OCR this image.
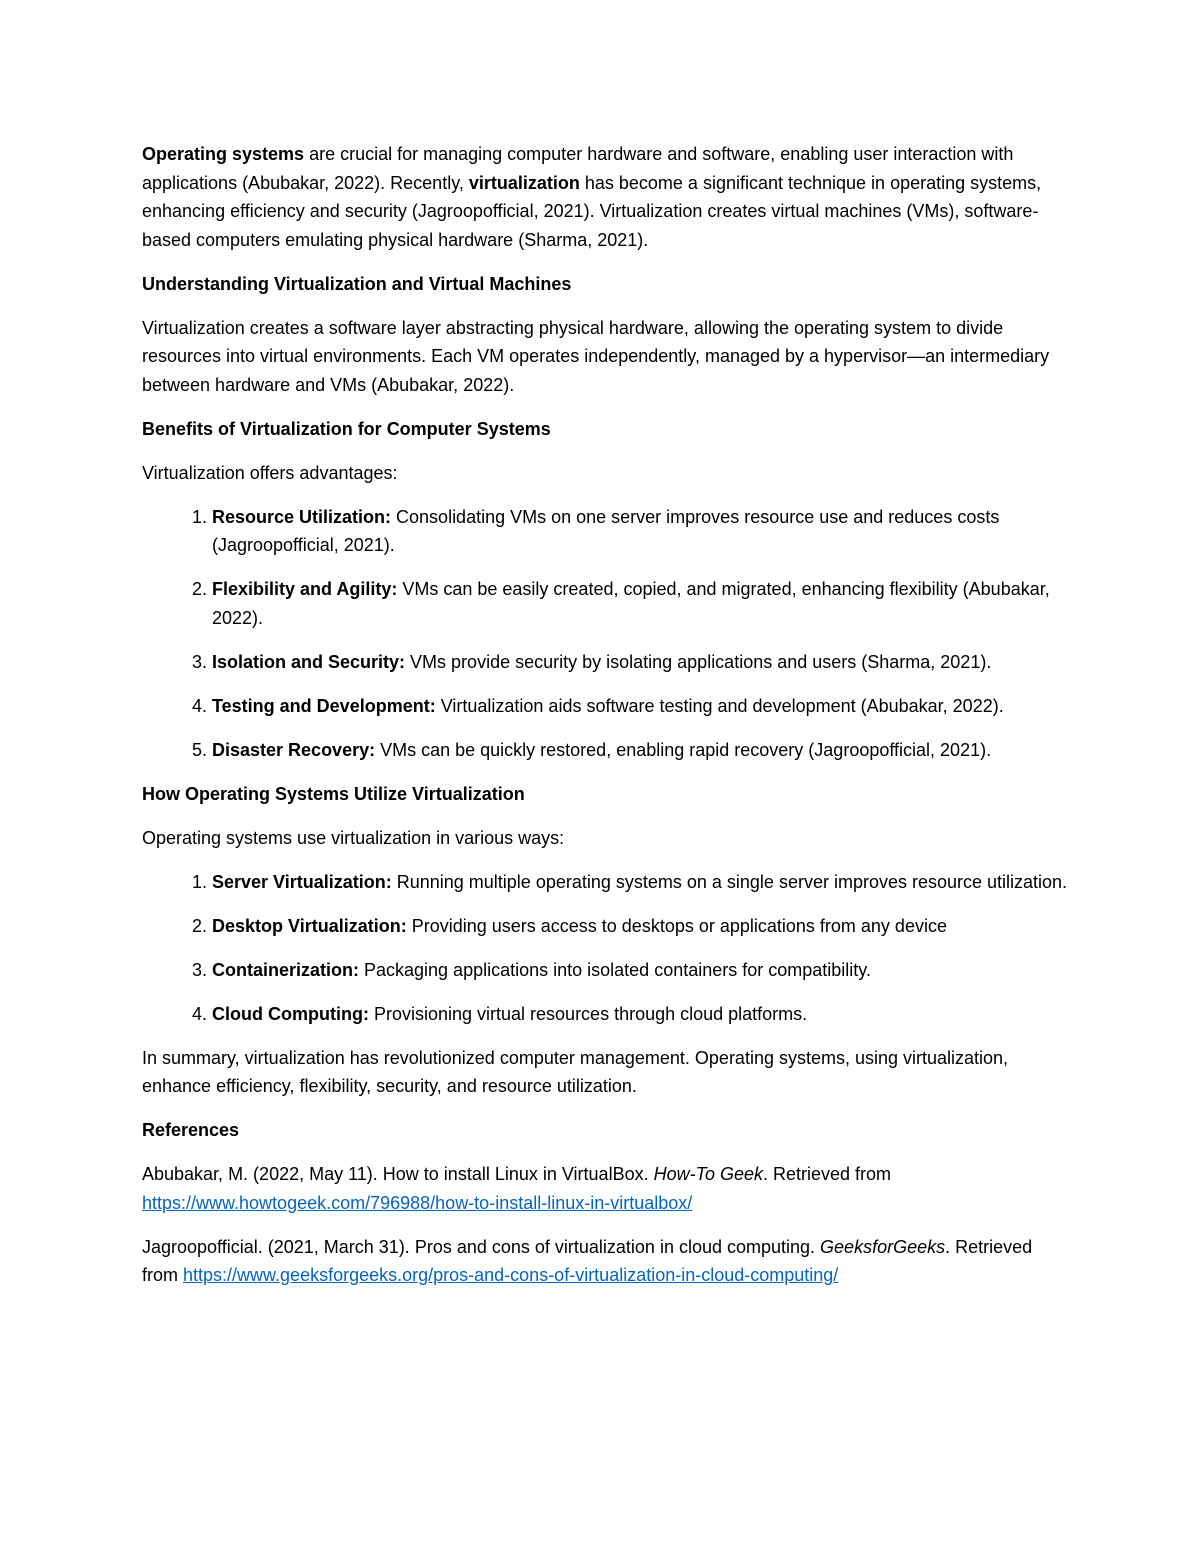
Operating systems are crucial for managing computer hardware and software, enabling user interaction with applications (Abubakar, 2022). Recently, virtualization has become a significant technique in operating systems, enhancing efficiency and security (Jagroopofficial, 2021). Virtualization creates virtual machines (VMs), software-based computers emulating physical hardware (Sharma, 2021).

Understanding Virtualization and Virtual Machines

Virtualization creates a software layer abstracting physical hardware, allowing the operating system to divide resources into virtual environments. Each VM operates independently, managed by a hypervisor—an intermediary between hardware and VMs (Abubakar, 2022).

Benefits of Virtualization for Computer Systems

Virtualization offers advantages:

1. Resource Utilization: Consolidating VMs on one server improves resource use and reduces costs (Jagroopofficial, 2021).
2. Flexibility and Agility: VMs can be easily created, copied, and migrated, enhancing flexibility (Abubakar, 2022).
3. Isolation and Security: VMs provide security by isolating applications and users (Sharma, 2021).
4. Testing and Development: Virtualization aids software testing and development (Abubakar, 2022).
5. Disaster Recovery: VMs can be quickly restored, enabling rapid recovery (Jagroopofficial, 2021).
How Operating Systems Utilize Virtualization

Operating systems use virtualization in various ways:

1. Server Virtualization: Running multiple operating systems on a single server improves resource utilization.
2. Desktop Virtualization: Providing users access to desktops or applications from any device
3. Containerization: Packaging applications into isolated containers for compatibility.
4. Cloud Computing: Provisioning virtual resources through cloud platforms.

In summary, virtualization has revolutionized computer management. Operating systems, using virtualization, enhance efficiency, flexibility, security, and resource utilization.

References

Abubakar, M. (2022, May 11). How to install Linux in VirtualBox. How-To Geek. Retrieved from https://www.howtogeek.com/796988/how-to-install-linux-in-virtualbox/

Jagroopofficial. (2021, March 31). Pros and cons of virtualization in cloud computing. GeeksforGeeks. Retrieved from https://www.geeksforgeeks.org/pros-and-cons-of-virtualization-in-cloud-computing/
